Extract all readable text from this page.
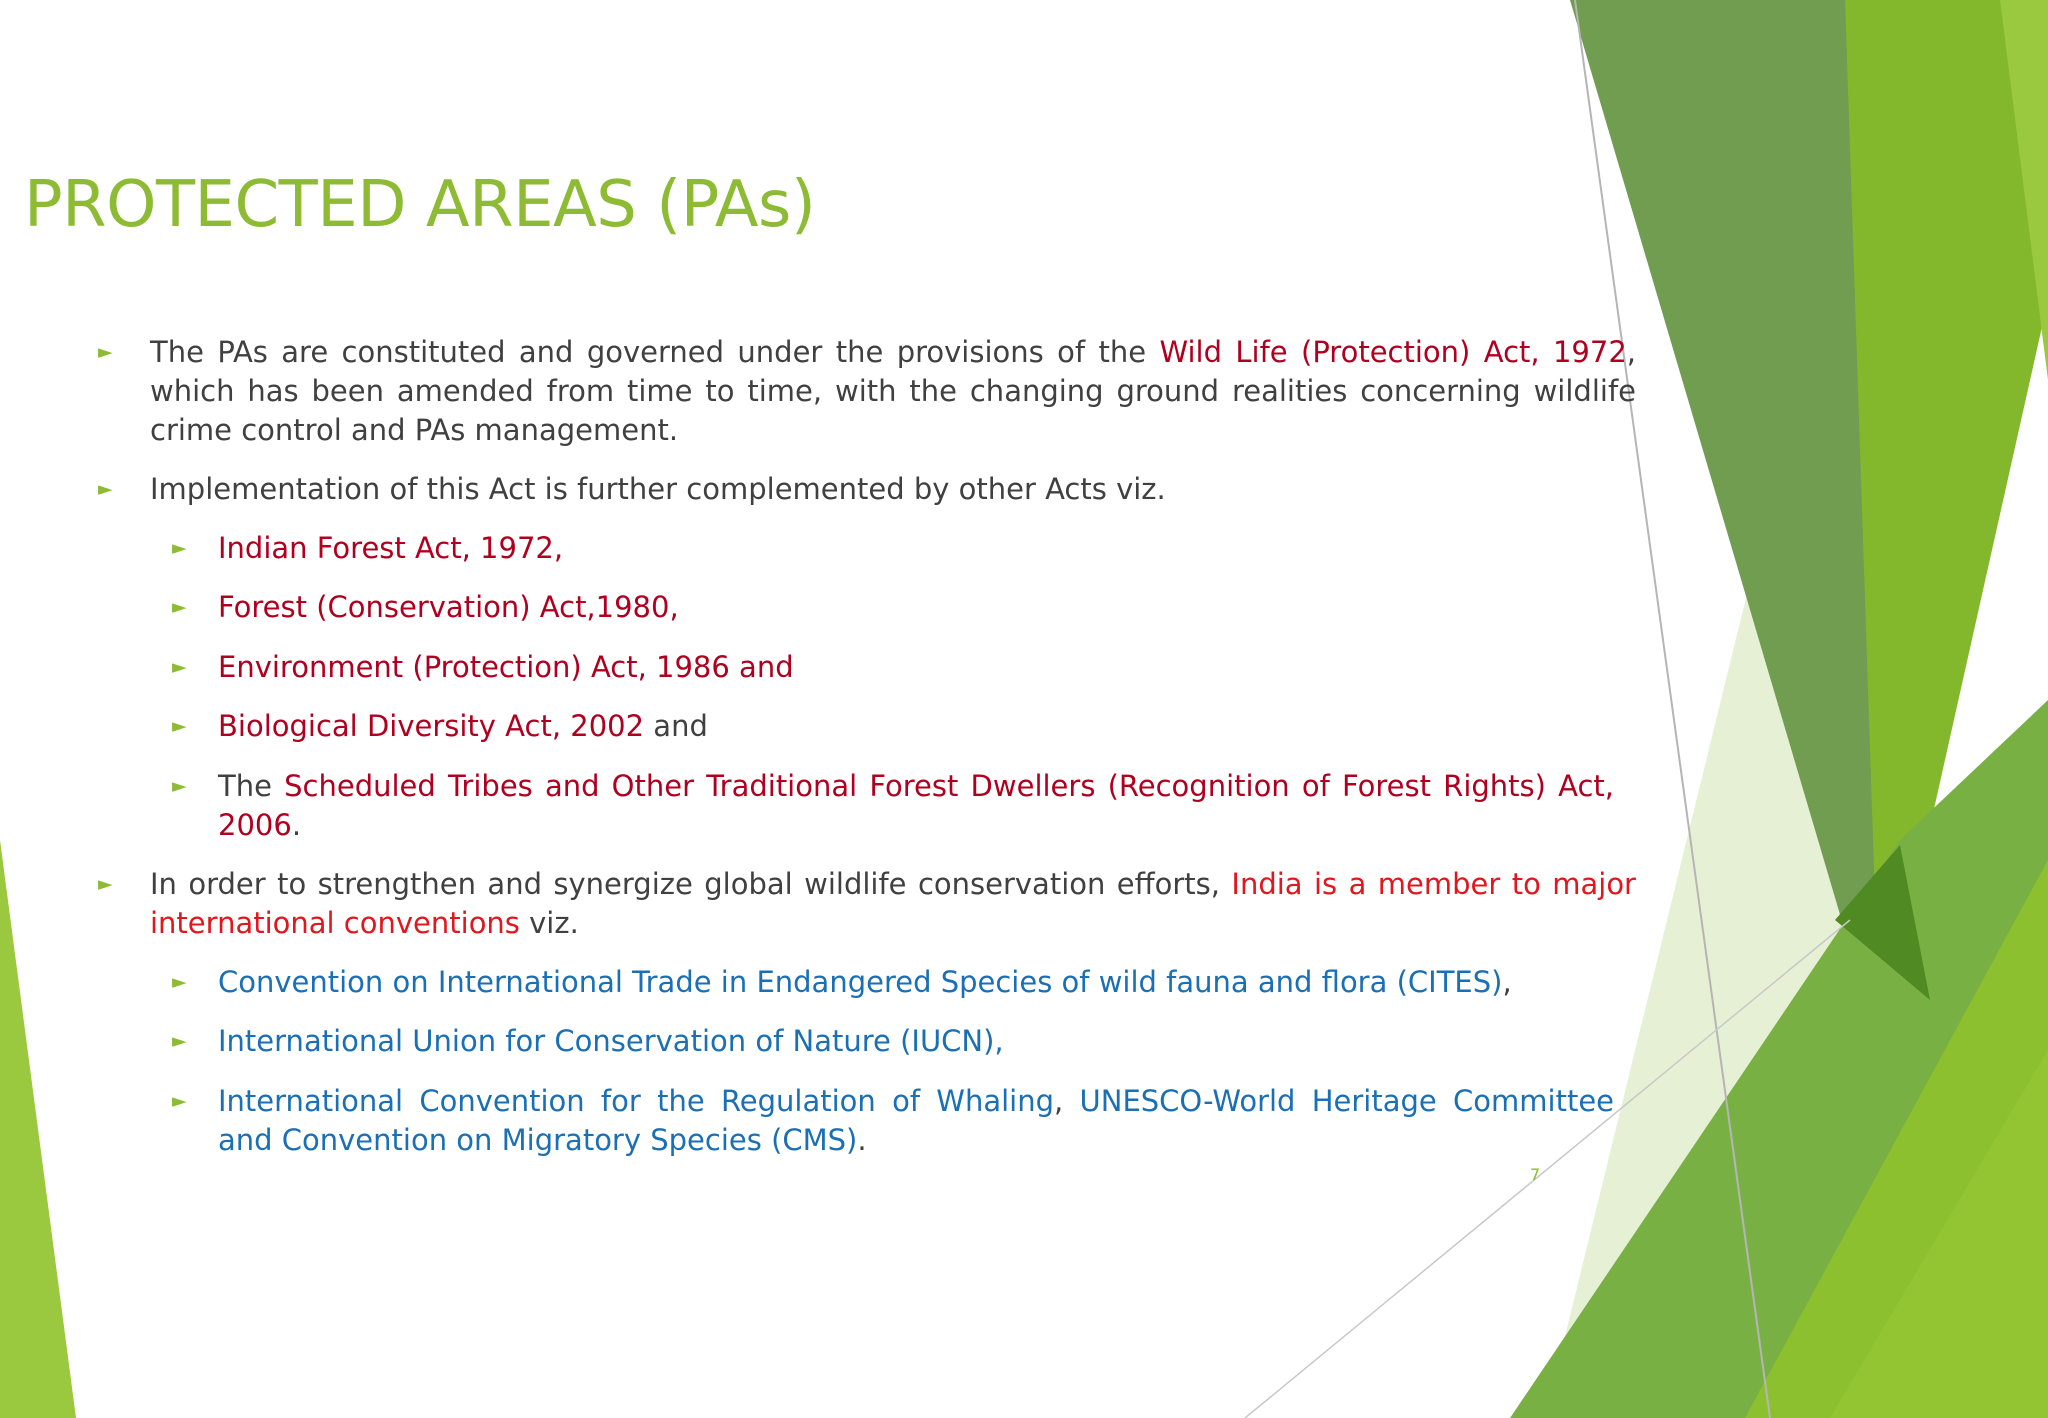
PROTECTED AREAS (PAs)
► The PAs are constituted and governed under the provisions of the Wild Life (Protection) Act, 1972, which has been amended from time to time, with the changing ground realities concerning wildlife crime control and PAs management.
► Implementation of this Act is further complemented by other Acts viz.
► Indian Forest Act, 1972,
► Forest (Conservation) Act,1980,
► Environment (Protection) Act, 1986 and
► Biological Diversity Act, 2002 and
► The Scheduled Tribes and Other Traditional Forest Dwellers (Recognition of Forest Rights) Act, 2006.
► In order to strengthen and synergize global wildlife conservation efforts, India is a member to major international conventions viz.
► Convention on International Trade in Endangered Species of wild fauna and flora (CITES),
► International Union for Conservation of Nature (IUCN),
► International Convention for the Regulation of Whaling, UNESCO-World Heritage Committee and Convention on Migratory Species (CMS).
7
